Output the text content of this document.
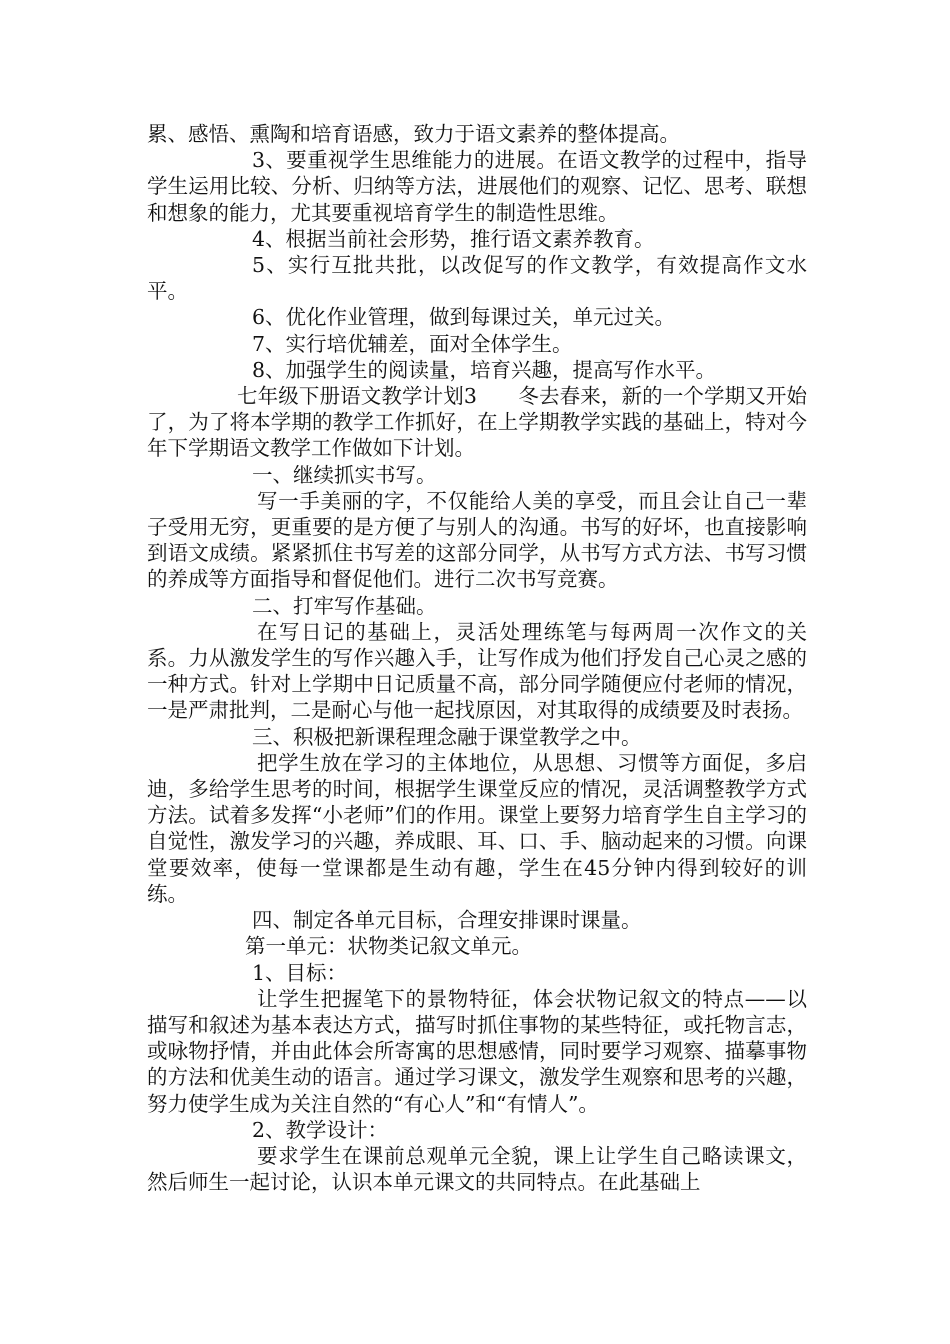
累、感悟、熏陶和培育语感，致力于语文素养的整体提高。

3、要重视学生思维能力的进展。在语文教学的过程中，指导学生运用比较、分析、归纳等方法，进展他们的观察、记忆、思考、联想和想象的能力，尤其要重视培育学生的制造性思维。

4、根据当前社会形势，推行语文素养教育。

5、实行互批共批，以改促写的作文教学，有效提高作文水平。

6、优化作业管理，做到每课过关，单元过关。

7、实行培优辅差，面对全体学生。

8、加强学生的阅读量，培育兴趣，提高写作水平。

七年级下册语文教学计划3　　冬去春来，新的一个学期又开始了，为了将本学期的教学工作抓好，在上学期教学实践的基础上，特对今年下学期语文教学工作做如下计划。

一、继续抓实书写。

写一手美丽的字，不仅能给人美的享受，而且会让自己一辈子受用无穷，更重要的是方便了与别人的沟通。书写的好坏，也直接影响到语文成绩。紧紧抓住书写差的这部分同学，从书写方式方法、书写习惯的养成等方面指导和督促他们。进行二次书写竞赛。

二、打牢写作基础。

在写日记的基础上，灵活处理练笔与每两周一次作文的关系。力从激发学生的写作兴趣入手，让写作成为他们抒发自己心灵之感的一种方式。针对上学期中日记质量不高，部分同学随便应付老师的情况，一是严肃批判，二是耐心与他一起找原因，对其取得的成绩要及时表扬。

三、积极把新课程理念融于课堂教学之中。

把学生放在学习的主体地位，从思想、习惯等方面促，多启迪，多给学生思考的时间，根据学生课堂反应的情况，灵活调整教学方式方法。试着多发挥“小老师”们的作用。课堂上要努力培育学生自主学习的自觉性，激发学习的兴趣，养成眼、耳、口、手、脑动起来的习惯。向课堂要效率，使每一堂课都是生动有趣，学生在45分钟内得到较好的训练。

四、制定各单元目标，合理安排课时课量。

第一单元：状物类记叙文单元。

1、目标：

让学生把握笔下的景物特征，体会状物记叙文的特点——以描写和叙述为基本表达方式，描写时抓住事物的某些特征，或托物言志，或咏物抒情，并由此体会所寄寓的思想感情，同时要学习观察、描摹事物的方法和优美生动的语言。通过学习课文，激发学生观察和思考的兴趣，努力使学生成为关注自然的“有心人”和“有情人”。

2、教学设计：

要求学生在课前总观单元全貌，课上让学生自己略读课文，然后师生一起讨论，认识本单元课文的共同特点。在此基础上
